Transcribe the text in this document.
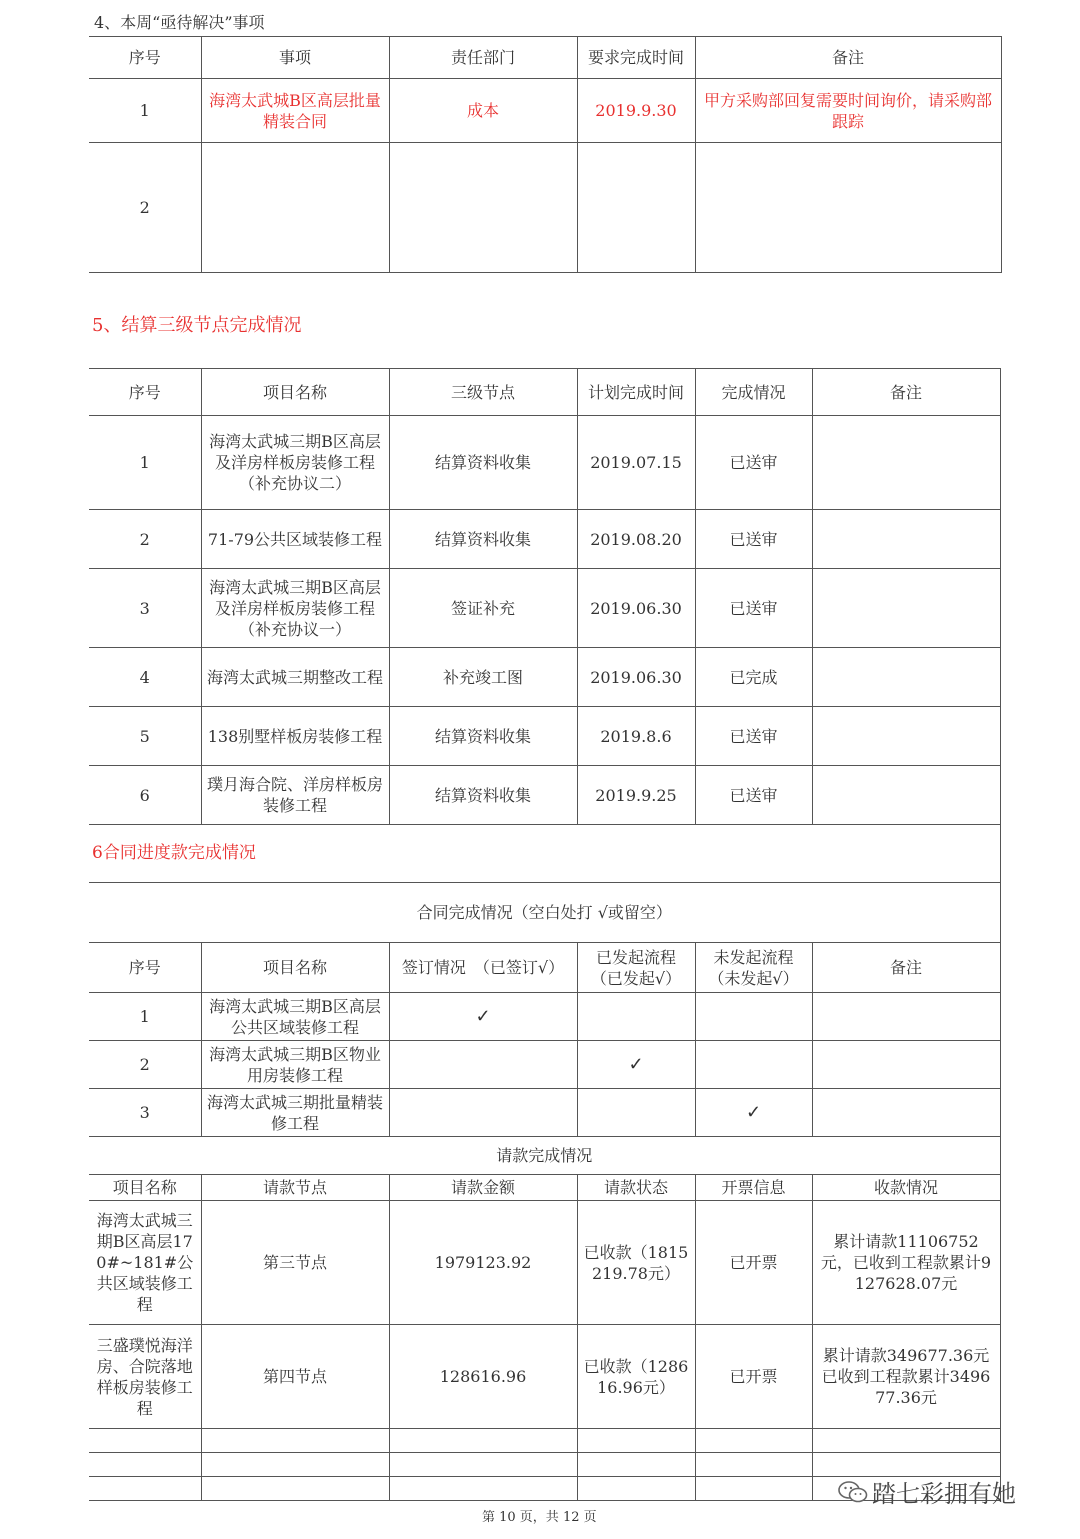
4、本周“亟待解决”事项
序号	事项	责任部门	要求完成时间	备注
1	海湾太武城B区高层批量精装合同	成本	2019.9.30	甲方采购部回复需要时间询价，请采购部跟踪
2				
5、结算三级节点完成情况
序号	项目名称	三级节点	计划完成时间	完成情况	备注
1	海湾太武城三期B区高层及洋房样板房装修工程（补充协议二）	结算资料收集	2019.07.15	已送审	
2	71-79公共区域装修工程	结算资料收集	2019.08.20	已送审	
3	海湾太武城三期B区高层及洋房样板房装修工程（补充协议一）	签证补充	2019.06.30	已送审	
4	海湾太武城三期整改工程	补充竣工图	2019.06.30	已完成	
5	138别墅样板房装修工程	结算资料收集	2019.8.6	已送审	
6	璞月海合院、洋房样板房装修工程	结算资料收集	2019.9.25	已送审	
6合同进度款完成情况					
合同完成情况（空白处打 √或留空）					
序号	项目名称	签订情况　（已签订√）	已发起流程（已发起√）	未发起流程（未发起√）	备注
1	海湾太武城三期B区高层公共区域装修工程	✓			
2	海湾太武城三期B区物业用房装修工程		✓		
3	海湾太武城三期批量精装修工程			✓	
请款完成情况					
项目名称	请款节点	请款金额	请款状态	开票信息	收款情况
海湾太武城三期B区高层170#~181#公共区域装修工程	第三节点	1979123.92	已收款（1815219.78元）	已开票	累计请款11106752元，已收到工程款累计9127628.07元
三盛璞悦海洋房、合院落地样板房装修工程	第四节点	128616.96	已收款（128616.96元）	已开票	累计请款349677.36元 已收到工程款累计349677.36元

第 10 页，共 12 页
踏七彩拥有她
